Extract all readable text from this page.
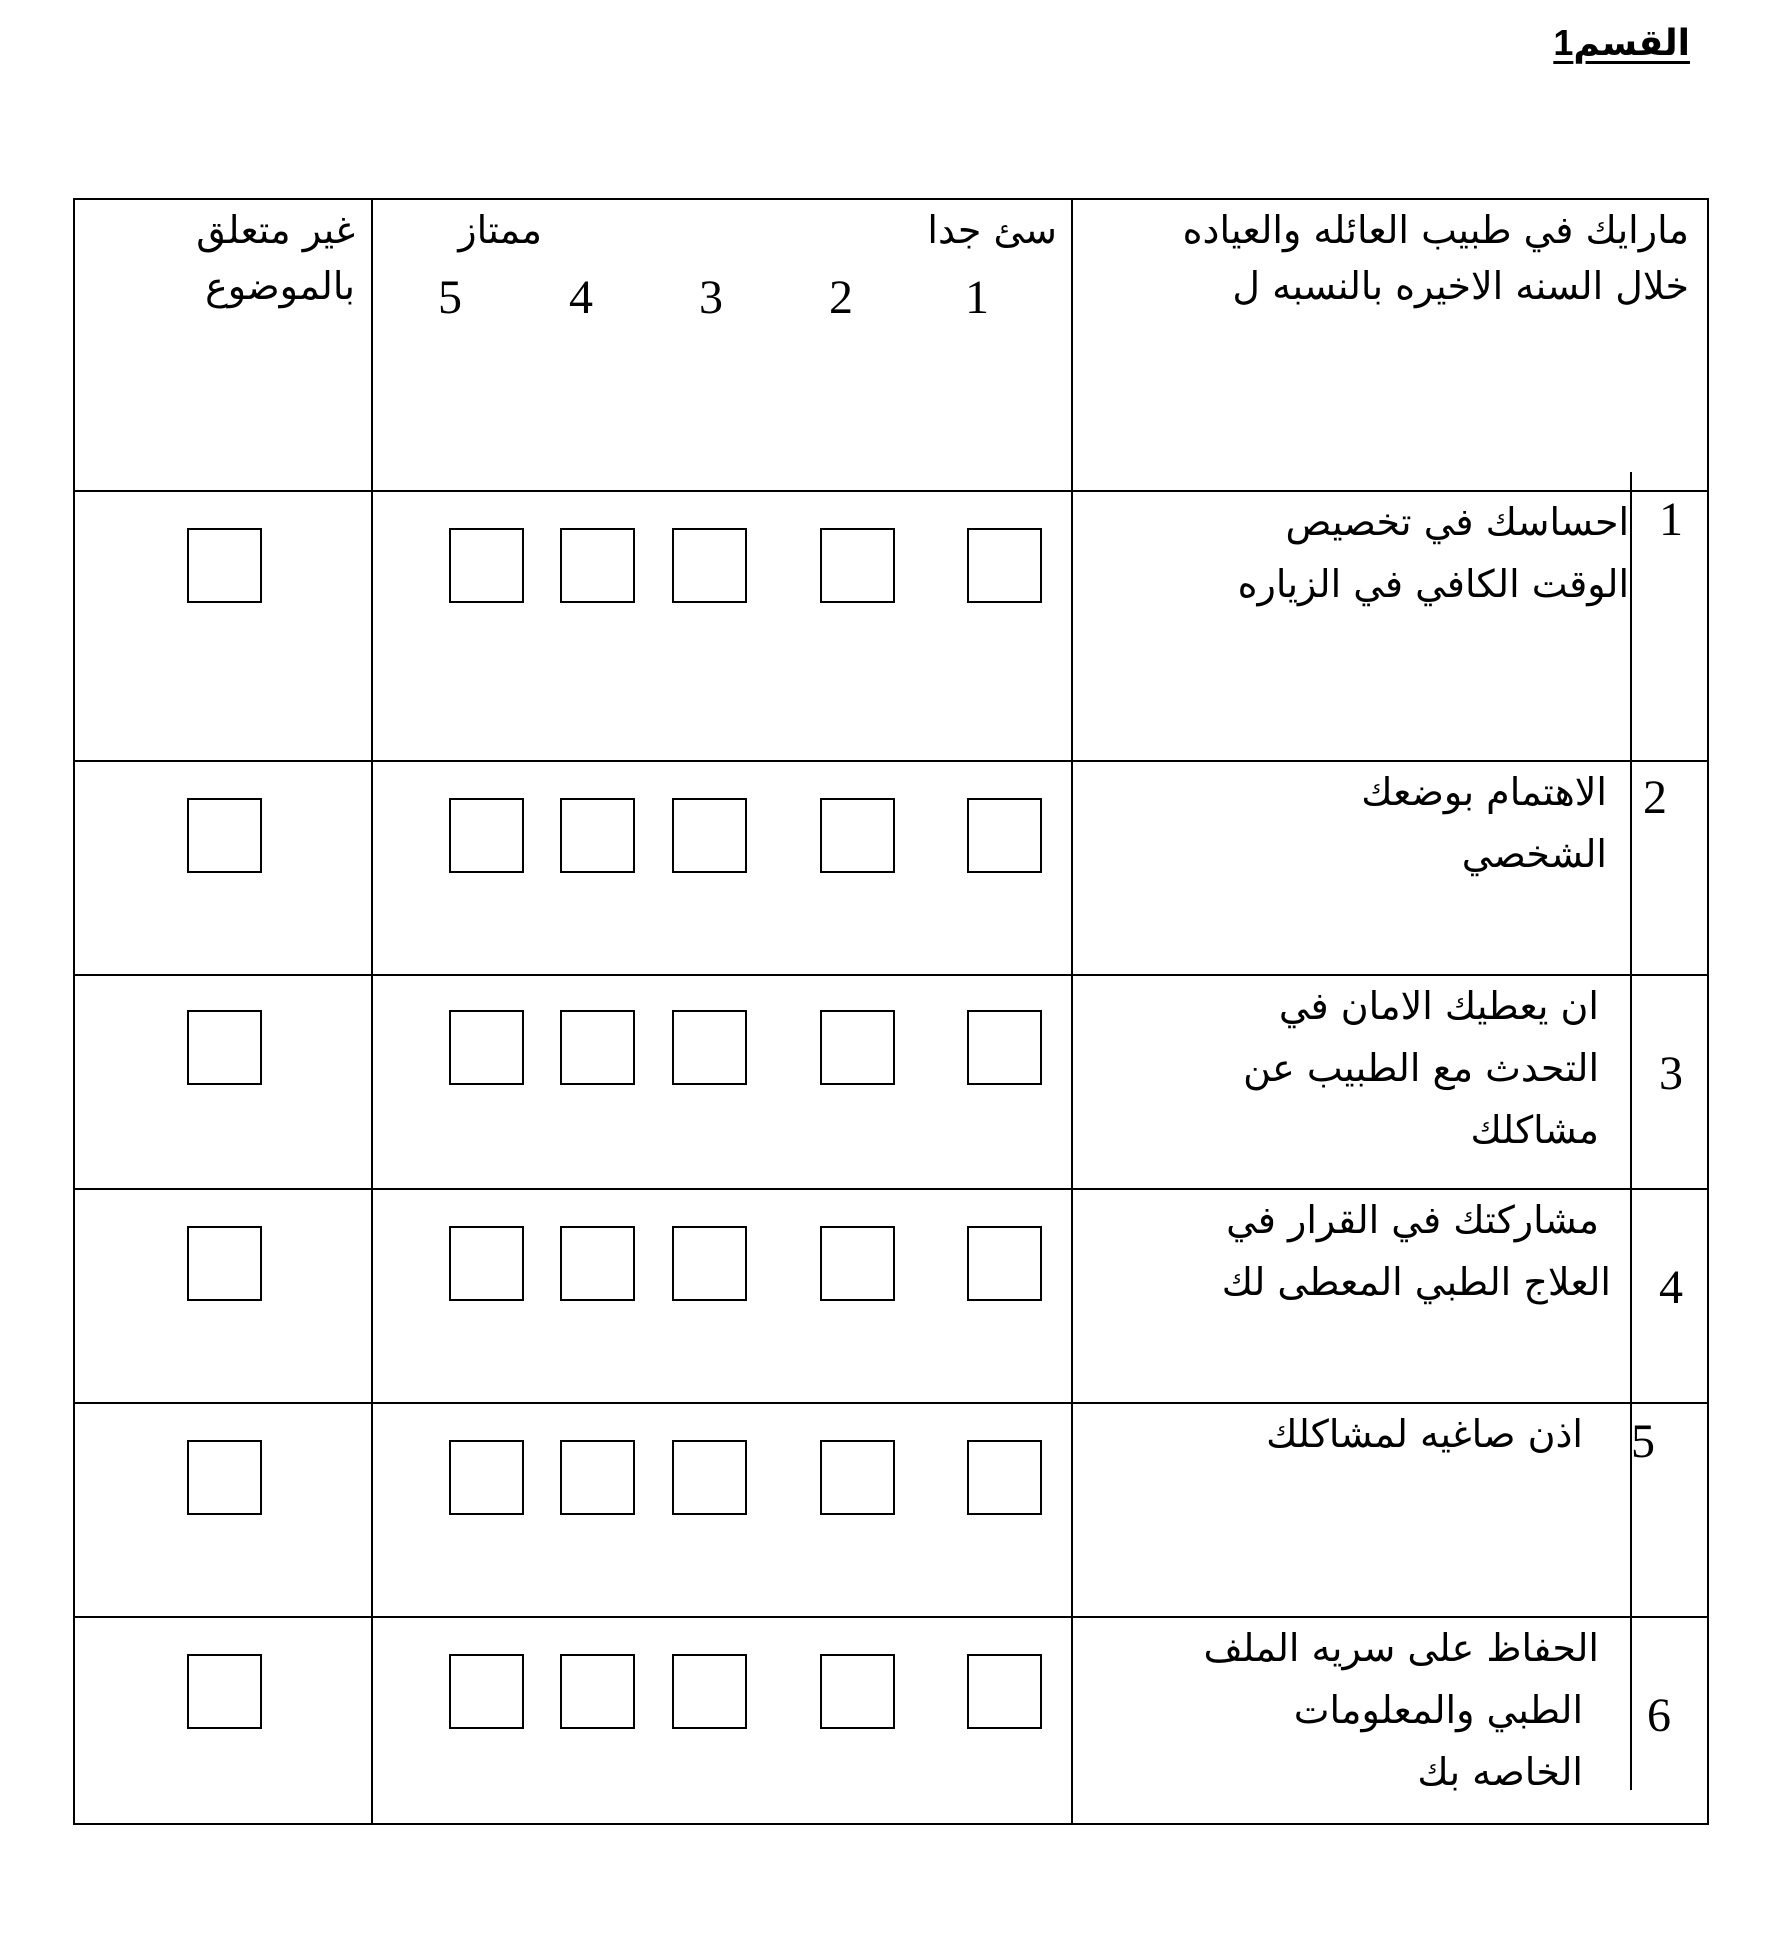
القسم1
مارايك في طبيب العائله والعياده
خلال السنه الاخيره بالنسبه ل
سئ جدا
ممتاز
1
2
3
4
5
غير متعلق
بالموضوع
1
احساسك في تخصيص
الوقت الكافي في الزياره
2
الاهتمام بوضعك
الشخصي
3
ان يعطيك الامان في
التحدث مع الطبيب عن
مشاكلك
4
مشاركتك في القرار في
العلاج الطبي المعطى لك
5
اذن صاغيه لمشاكلك
6
الحفاظ على سريه الملف
الطبي والمعلومات
الخاصه بك
